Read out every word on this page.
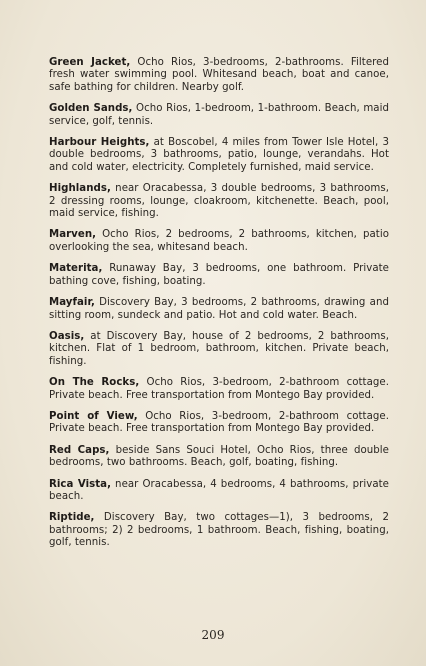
Green Jacket, Ocho Rios, 3-bedrooms, 2-bathrooms. Filtered fresh water swimming pool. Whitesand beach, boat and canoe, safe bathing for children. Nearby golf.

Golden Sands, Ocho Rios, 1-bedroom, 1-bathroom. Beach, maid service, golf, tennis.

Harbour Heights, at Boscobel, 4 miles from Tower Isle Hotel, 3 double bedrooms, 3 bathrooms, patio, lounge, verandahs. Hot and cold water, electricity. Completely furnished, maid service.

Highlands, near Oracabessa, 3 double bedrooms, 3 bathrooms, 2 dressing rooms, lounge, cloakroom, kitchenette. Beach, pool, maid service, fishing.

Marven, Ocho Rios, 2 bedrooms, 2 bathrooms, kitchen, patio overlooking the sea, whitesand beach.

Materita, Runaway Bay, 3 bedrooms, one bathroom. Private bathing cove, fishing, boating.

Mayfair, Discovery Bay, 3 bedrooms, 2 bathrooms, drawing and sitting room, sundeck and patio. Hot and cold water. Beach.

Oasis, at Discovery Bay, house of 2 bedrooms, 2 bathrooms, kitchen. Flat of 1 bedroom, bathroom, kitchen. Private beach, fishing.

On The Rocks, Ocho Rios, 3-bedroom, 2-bathroom cottage. Private beach. Free transportation from Montego Bay provided.

Point of View, Ocho Rios, 3-bedroom, 2-bathroom cottage. Private beach. Free transportation from Montego Bay provided.

Red Caps, beside Sans Souci Hotel, Ocho Rios, three double bedrooms, two bathrooms. Beach, golf, boating, fishing.

Rica Vista, near Oracabessa, 4 bedrooms, 4 bathrooms, private beach.

Riptide, Discovery Bay, two cottages—1), 3 bedrooms, 2 bathrooms; 2) 2 bedrooms, 1 bathroom. Beach, fishing, boating, golf, tennis.

209
